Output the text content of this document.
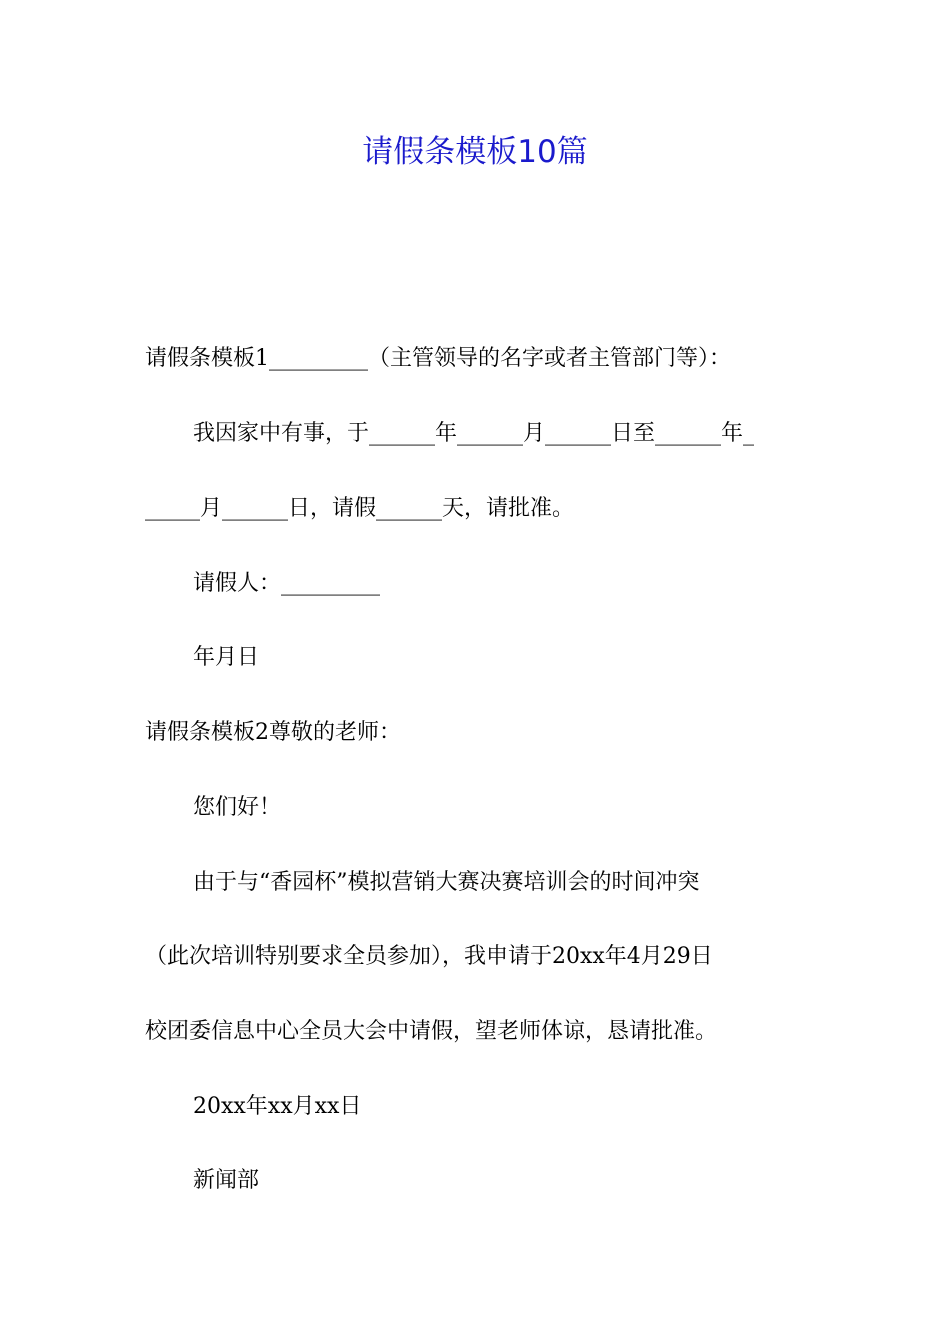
请假条模板10篇
请假条模板1_________（主管领导的名字或者主管部门等）：
我因家中有事，于______年______月______日至______年_
_____月______日，请假______天，请批准。
请假人：_________
年月日
请假条模板2尊敬的老师：
您们好！
由于与“香园杯”模拟营销大赛决赛培训会的时间冲突
（此次培训特别要求全员参加），我申请于20xx年4月29日
校团委信息中心全员大会中请假，望老师体谅，恳请批准。
20xx年xx月xx日
新闻部
